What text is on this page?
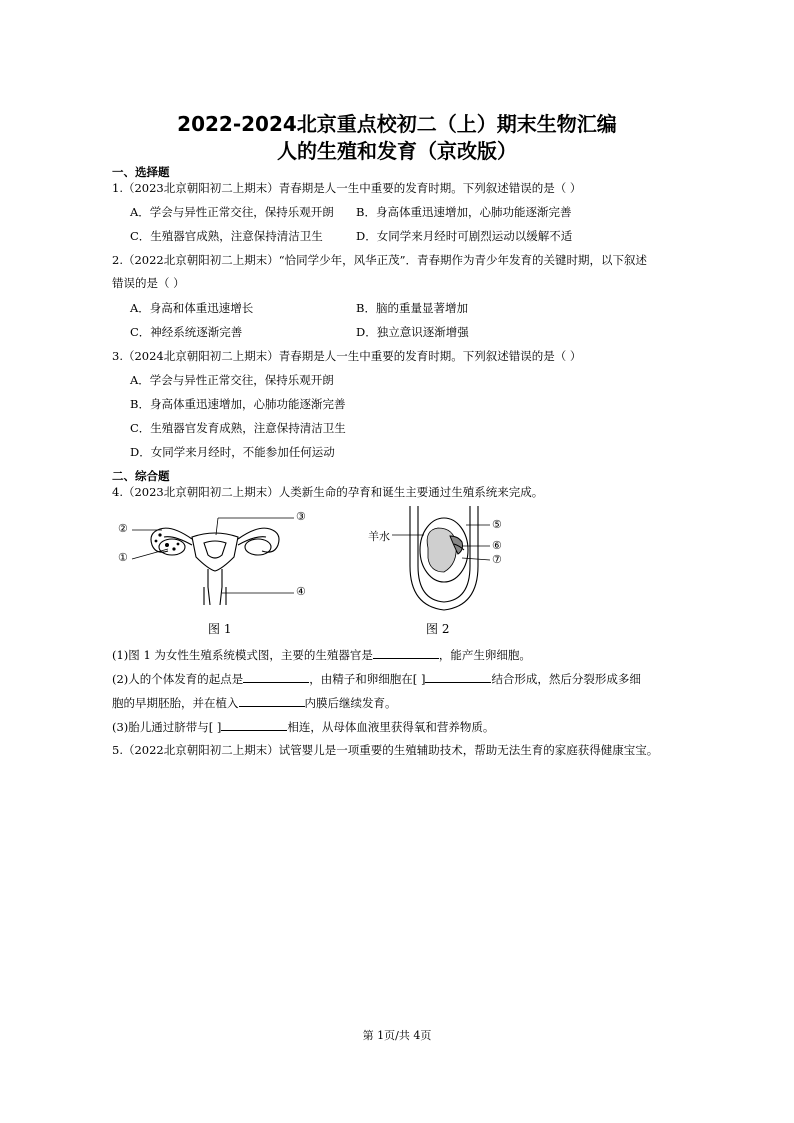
2022-2024北京重点校初二（上）期末生物汇编
人的生殖和发育（京改版）
一、选择题
1.（2023北京朝阳初二上期末）青春期是人一生中重要的发育时期。下列叙述错误的是（ ）
A．学会与异性正常交往，保持乐观开朗 B．身高体重迅速增加，心肺功能逐渐完善
C．生殖器官成熟，注意保持清洁卫生	D．女同学来月经时可剧烈运动以缓解不适
2.（2022北京朝阳初二上期末）“恰同学少年，风华正茂”．青春期作为青少年发育的关键时期，以下叙述
错误的是（ ）
A．身高和体重迅速增长	B．脑的重量显著增加
C．神经系统逐渐完善	D．独立意识逐渐增强
3.（2024北京朝阳初二上期末）青春期是人一生中重要的发育时期。下列叙述错误的是（ ）
A．学会与异性正常交往，保持乐观开朗
B．身高体重迅速增加，心肺功能逐渐完善
C．生殖器官发育成熟，注意保持清洁卫生
D．女同学来月经时，不能参加任何运动
二、综合题
4.（2023北京朝阳初二上期末）人类新生命的孕育和诞生主要通过生殖系统来完成。
②
①
③
④
图 1
羊水
⑤
⑥
⑦
图 2
(1)图 1 为女性生殖系统模式图，主要的生殖器官是	，能产生卵细胞。
(2)人的个体发育的起点是	，由精子和卵细胞在[ ]	结合形成，然后分裂形成多细
胞的早期胚胎，并在植入	内膜后继续发育。
(3)胎儿通过脐带与[ ]	相连，从母体血液里获得氧和营养物质。
5.（2022北京朝阳初二上期末）试管婴儿是一项重要的生殖辅助技术，帮助无法生育的家庭获得健康宝宝。
第 1页/共 4页
